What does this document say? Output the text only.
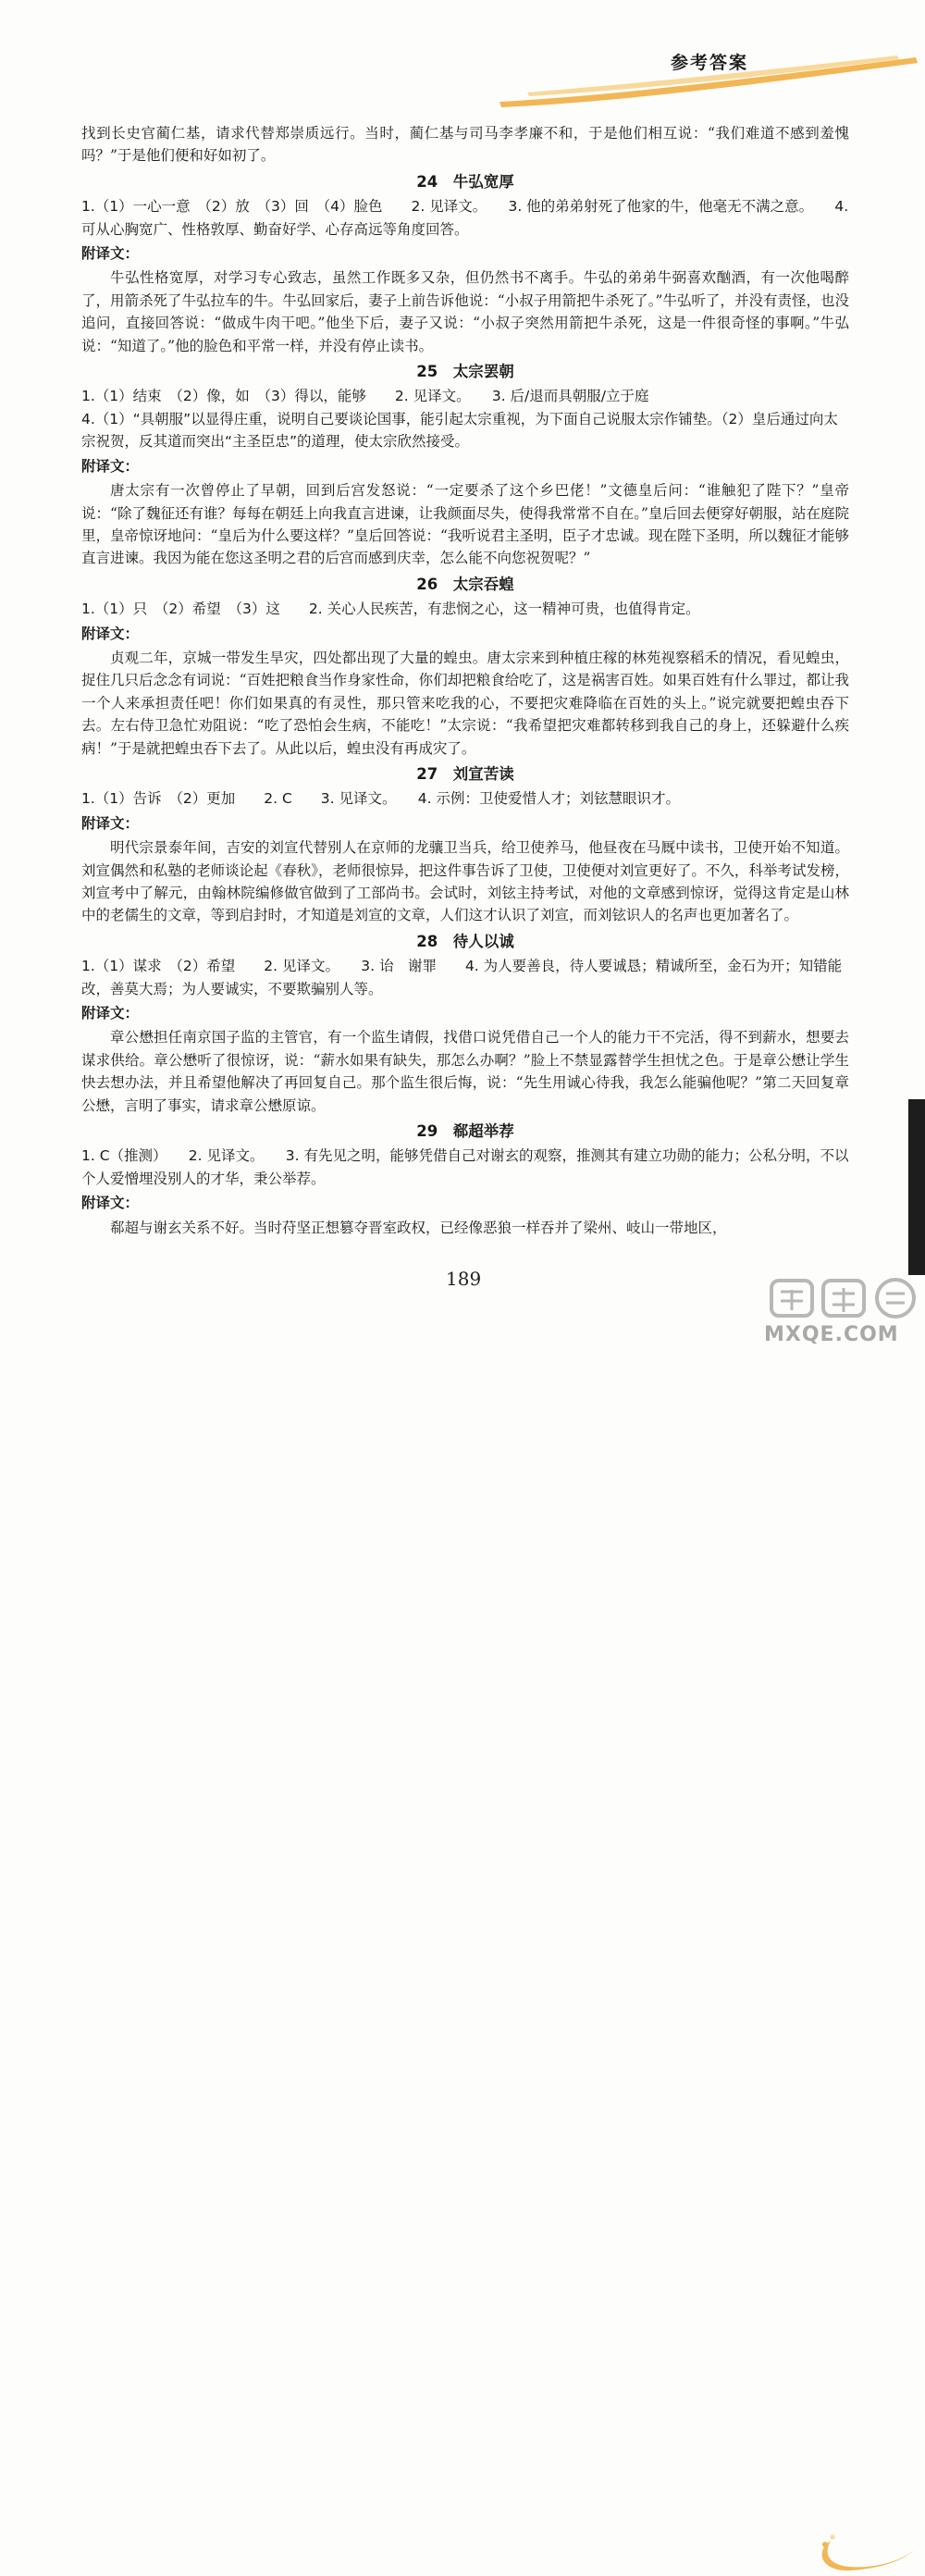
参考答案

找到长史官蔺仁基，请求代替郑崇质远行。当时，蔺仁基与司马李孝廉不和，于是他们相互说：“我们难道不感到羞愧吗？”于是他们便和好如初了。

24　牛弘宽厚

1.（1）一心一意　（2）放　（3）回　（4）脸色　　2. 见译文。　　3. 他的弟弟射死了他家的牛，他毫无不满之意。　　4. 可从心胸宽广、性格敦厚、勤奋好学、心存高远等角度回答。

附译文：

牛弘性格宽厚，对学习专心致志，虽然工作既多又杂，但仍然书不离手。牛弘的弟弟牛弼喜欢酗酒，有一次他喝醉了，用箭杀死了牛弘拉车的牛。牛弘回家后，妻子上前告诉他说：“小叔子用箭把牛杀死了。”牛弘听了，并没有责怪，也没追问，直接回答说：“做成牛肉干吧。”他坐下后，妻子又说：“小叔子突然用箭把牛杀死，这是一件很奇怪的事啊。”牛弘说：“知道了。”他的脸色和平常一样，并没有停止读书。

25　太宗罢朝

1.（1）结束　（2）像，如　（3）得以，能够　　2. 见译文。　　3. 后/退而具朝服/立于庭

4.（1）“具朝服”以显得庄重，说明自己要谈论国事，能引起太宗重视，为下面自己说服太宗作铺垫。（2）皇后通过向太宗祝贺，反其道而突出“主圣臣忠”的道理，使太宗欣然接受。

附译文：

唐太宗有一次曾停止了早朝，回到后宫发怒说：“一定要杀了这个乡巴佬！”文德皇后问：“谁触犯了陛下？”皇帝说：“除了魏征还有谁？每每在朝廷上向我直言进谏，让我颜面尽失，使得我常常不自在。”皇后回去便穿好朝服，站在庭院里，皇帝惊讶地问：“皇后为什么要这样？”皇后回答说：“我听说君主圣明，臣子才忠诚。现在陛下圣明，所以魏征才能够直言进谏。我因为能在您这圣明之君的后宫而感到庆幸，怎么能不向您祝贺呢？”

26　太宗吞蝗

1.（1）只　（2）希望　（3）这　　2. 关心人民疾苦，有悲悯之心，这一精神可贵，也值得肯定。

附译文：

贞观二年，京城一带发生旱灾，四处都出现了大量的蝗虫。唐太宗来到种植庄稼的林苑视察稻禾的情况，看见蝗虫，捉住几只后念念有词说：“百姓把粮食当作身家性命，你们却把粮食给吃了，这是祸害百姓。如果百姓有什么罪过，都让我一个人来承担责任吧！你们如果真的有灵性，那只管来吃我的心，不要把灾难降临在百姓的头上。”说完就要把蝗虫吞下去。左右侍卫急忙劝阻说：“吃了恐怕会生病，不能吃！”太宗说：“我希望把灾难都转移到我自己的身上，还躲避什么疾病！”于是就把蝗虫吞下去了。从此以后，蝗虫没有再成灾了。

27　刘宣苦读

1.（1）告诉　（2）更加　　2. C　　3. 见译文。　　4. 示例：卫使爱惜人才；刘铉慧眼识才。

附译文：

明代宗景泰年间，吉安的刘宣代替别人在京师的龙骧卫当兵，给卫使养马，他昼夜在马厩中读书，卫使开始不知道。刘宣偶然和私塾的老师谈论起《春秋》，老师很惊异，把这件事告诉了卫使，卫使便对刘宣更好了。不久，科举考试发榜，刘宣考中了解元，由翰林院编修做官做到了工部尚书。会试时，刘铉主持考试，对他的文章感到惊讶，觉得这肯定是山林中的老儒生的文章，等到启封时，才知道是刘宣的文章，人们这才认识了刘宣，而刘铉识人的名声也更加著名了。

28　待人以诚

1.（1）谋求　（2）希望　　2. 见译文。　　3. 诒　谢罪　　4. 为人要善良，待人要诚恳；精诚所至，金石为开；知错能改，善莫大焉；为人要诚实，不要欺骗别人等。

附译文：

章公懋担任南京国子监的主管官，有一个监生请假，找借口说凭借自己一个人的能力干不完活，得不到薪水，想要去谋求供给。章公懋听了很惊讶，说：“薪水如果有缺失，那怎么办啊？”脸上不禁显露替学生担忧之色。于是章公懋让学生快去想办法，并且希望他解决了再回复自己。那个监生很后悔，说：“先生用诚心待我，我怎么能骗他呢？”第二天回复章公懋，言明了事实，请求章公懋原谅。

29　郗超举荐

1. C（推测）　　2. 见译文。　　3. 有先见之明，能够凭借自己对谢玄的观察，推测其有建立功勋的能力；公私分明，不以个人爱憎埋没别人的才华，秉公举荐。

附译文：

郗超与谢玄关系不好。当时苻坚正想篡夺晋室政权，已经像恶狼一样吞并了梁州、岐山一带地区，

189
MXQE.COM
